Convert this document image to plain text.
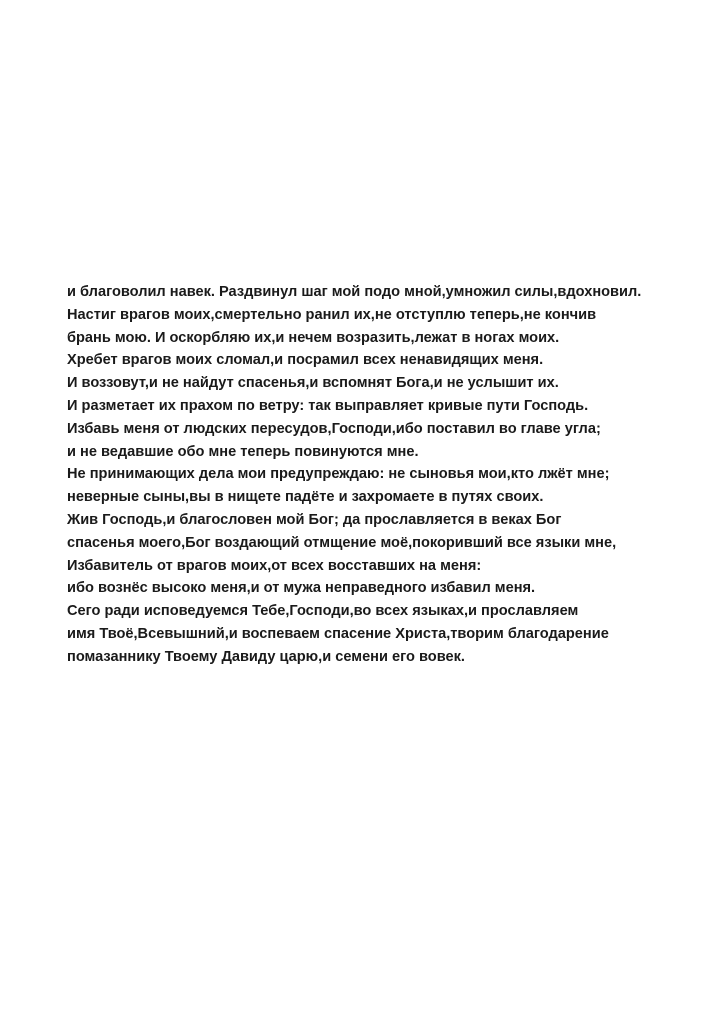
и благоволил навек. Раздвинул шаг мой подо мной,умножил силы,вдохновил.
Настиг врагов моих,смертельно ранил их,не отступлю теперь,не кончив
брань мою. И оскорбляю их,и нечем возразить,лежат в ногах моих.
Хребет врагов моих сломал,и посрамил всех ненавидящих меня.
И воззовут,и не найдут спасенья,и вспомнят Бога,и не услышит их.
И разметает их прахом по ветру: так выправляет кривые пути Господь.
Избавь меня от людских пересудов,Господи,ибо поставил во главе угла;
и не ведавшие обо мне теперь повинуются мне.
Не принимающих дела мои предупреждаю: не сыновья мои,кто лжёт мне;
неверные сыны,вы в нищете падёте и захромаете в путях своих.
Жив Господь,и благословен мой Бог; да прославляется в веках Бог
спасенья моего,Бог воздающий отмщение моё,покоривший все языки мне,
Избавитель от врагов моих,от всех восставших на меня:
ибо вознёс высоко меня,и от мужа неправедного избавил меня.
Сего ради исповедуемся Тебе,Господи,во всех языках,и прославляем
имя Твоё,Всевышний,и воспеваем спасение Христа,творим благодарение
помазаннику Твоему Давиду царю,и семени его вовек.
